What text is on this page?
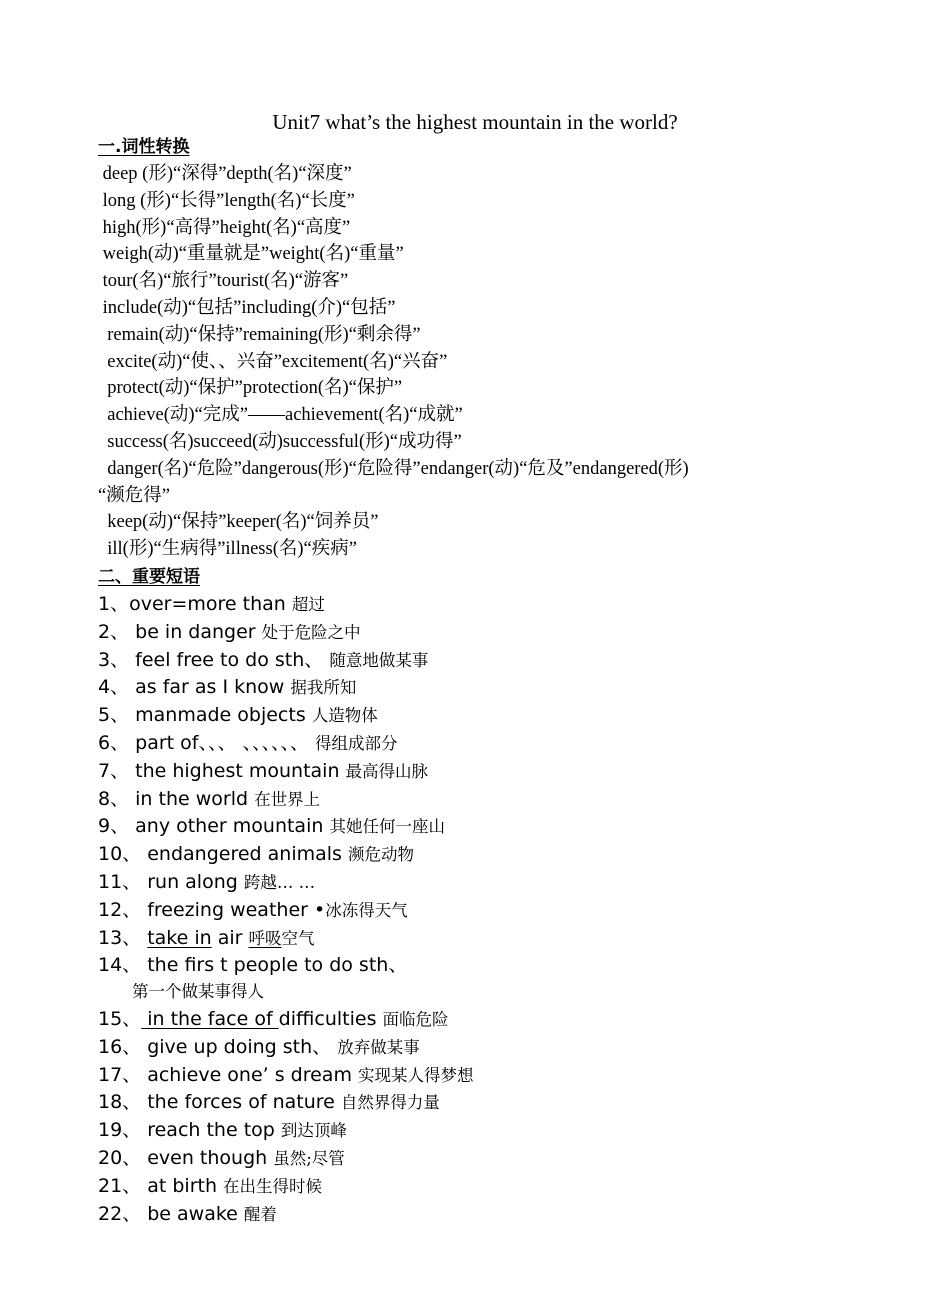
Unit7 what’s the highest mountain in the world?
一.词性转换
deep (形)“深得”depth(名)“深度”
long (形)“长得”length(名)“长度”
high(形)“高得”height(名)“高度”
weigh(动)“重量就是”weight(名)“重量”
tour(名)“旅行”tourist(名)“游客”
include(动)“包括”including(介)“包括”
remain(动)“保持”remaining(形)“剩余得”
excite(动)“使、、兴奋”excitement(名)“兴奋”
protect(动)“保护”protection(名)“保护”
achieve(动)“完成”——achievement(名)“成就”
success(名)succeed(动)successful(形)“成功得”
danger(名)“危险”dangerous(形)“危险得”endanger(动)“危及”endangered(形)
“濒危得”
keep(动)“保持”keeper(名)“饲养员”
ill(形)“生病得”illness(名)“疾病”
二、重要短语
1、over=more than 超过
2、 be in danger 处于危险之中
3、 feel free to do sth、 随意地做某事
4、 as far as I know 据我所知
5、 manmade objects 人造物体
6、 part of、、、 、、、、、、 得组成部分
7、 the highest mountain 最高得山脉
8、 in the world 在世界上
9、 any other mountain 其她任何一座山
10、 endangered animals 濒危动物
11、 run along 跨越… …
12、 freezing weather •冰冻得天气
13、 take in air 呼吸空气
14、 the firs t people to do sth、
第一个做某事得人
15、 in the face of difficulties 面临危险
16、 give up doing sth、 放弃做某事
17、 achieve one’ s dream 实现某人得梦想
18、 the forces of nature 自然界得力量
19、 reach the top 到达顶峰
20、 even though 虽然;尽管
21、 at birth 在出生得时候
22、 be awake 醒着
